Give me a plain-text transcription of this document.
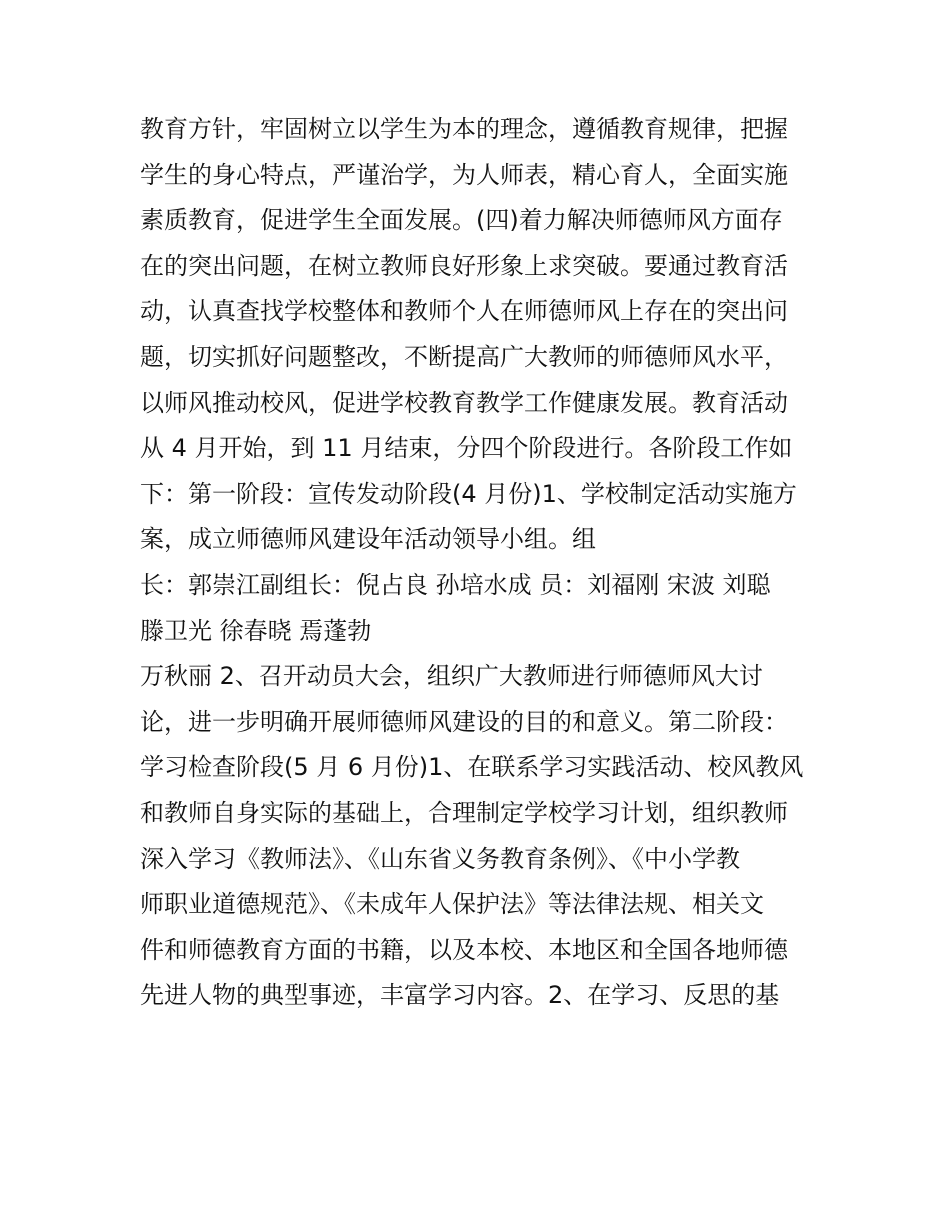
教育方针，牢固树立以学生为本的理念，遵循教育规律，把握
学生的身心特点，严谨治学，为人师表，精心育人，全面实施
素质教育，促进学生全面发展。(四)着力解决师德师风方面存
在的突出问题，在树立教师良好形象上求突破。要通过教育活
动，认真查找学校整体和教师个人在师德师风上存在的突出问
题，切实抓好问题整改，不断提高广大教师的师德师风水平，
以师风推动校风，促进学校教育教学工作健康发展。教育活动
从 4 月开始，到 11 月结束，分四个阶段进行。各阶段工作如
下：第一阶段：宣传发动阶段(4 月份)1、学校制定活动实施方
案，成立师德师风建设年活动领导小组。组
长：郭崇江副组长：倪占良 孙培水成 员：刘福刚 宋波 刘聪
滕卫光 徐春晓 焉蓬勃
万秋丽 2、召开动员大会，组织广大教师进行师德师风大讨
论，进一步明确开展师德师风建设的目的和意义。第二阶段：
学习检查阶段(5 月 6 月份)1、在联系学习实践活动、校风教风
和教师自身实际的基础上，合理制定学校学习计划，组织教师
深入学习《教师法》、《山东省义务教育条例》、《中小学教
师职业道德规范》、《未成年人保护法》等法律法规、相关文
件和师德教育方面的书籍，以及本校、本地区和全国各地师德
先进人物的典型事迹，丰富学习内容。2、在学习、反思的基
